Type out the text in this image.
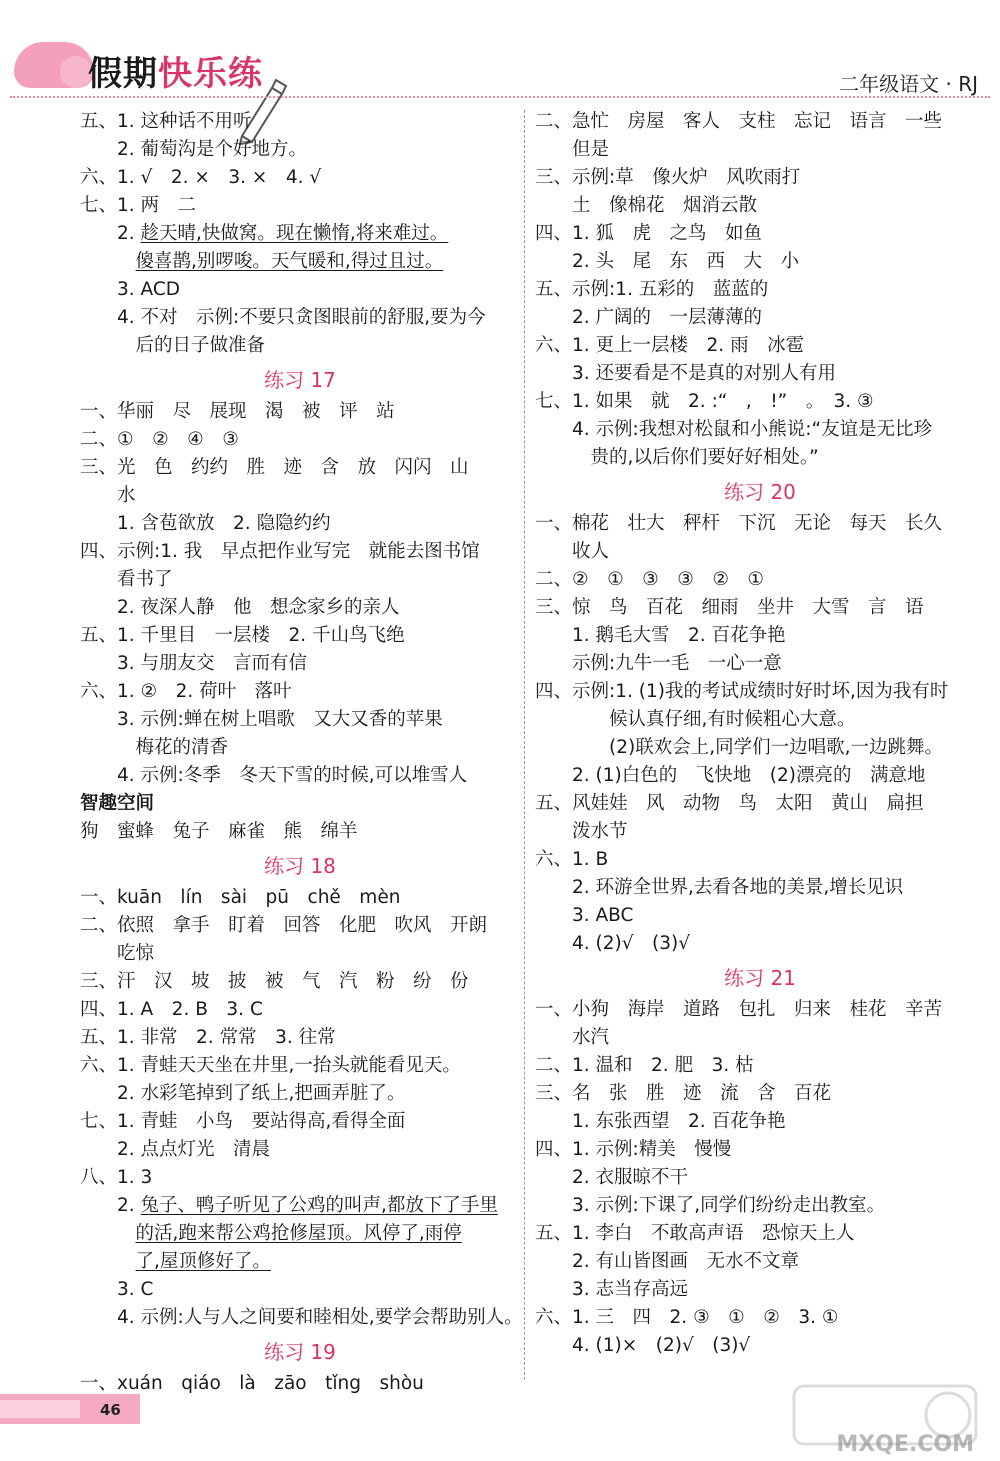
假期快乐练	二年级语文 · RJ
五、1. 这种话不用听
　　2. 葡萄沟是个好地方。
六、1. √　2. ×　3. ×　4. √
七、1. 两　二
　　2. 趁天晴,快做窝。现在懒惰,将来难过。
　　　傻喜鹊,别啰唆。天气暖和,得过且过。
　　3. ACD
　　4. 不对　示例:不要只贪图眼前的舒服,要为今
　　　后的日子做准备
练习 17
一、华丽　尽　展现　渴　被　评　站
二、①　②　④　③
三、光　色　约约　胜　迹　含　放　闪闪　山
　　水
　　1. 含苞欲放　2. 隐隐约约
四、示例:1. 我　早点把作业写完　就能去图书馆
　　看书了
　　2. 夜深人静　他　想念家乡的亲人
五、1. 千里目　一层楼　2. 千山鸟飞绝
　　3. 与朋友交　言而有信
六、1. ②　2. 荷叶　落叶
　　3. 示例:蝉在树上唱歌　又大又香的苹果
　　　梅花的清香
　　4. 示例:冬季　冬天下雪的时候,可以堆雪人
智趣空间
狗　蜜蜂　兔子　麻雀　熊　绵羊
练习 18
一、kuān　lín　sài　pū　chě　mèn
二、依照　拿手　盯着　回答　化肥　吹风　开朗
　　吃惊
三、汗　汉　坡　披　被　气　汽　粉　纷　份
四、1. A　2. B　3. C
五、1. 非常　2. 常常　3. 往常
六、1. 青蛙天天坐在井里,一抬头就能看见天。
　　2. 水彩笔掉到了纸上,把画弄脏了。
七、1. 青蛙　小鸟　要站得高,看得全面
　　2. 点点灯光　清晨
八、1. 3
　　2. 兔子、鸭子听见了公鸡的叫声,都放下了手里
　　　的活,跑来帮公鸡抢修屋顶。风停了,雨停
　　　了,屋顶修好了。
　　3. C
　　4. 示例:人与人之间要和睦相处,要学会帮助别人。
练习 19
一、xuán　qiáo　là　zāo　tǐng　shòu
二、急忙　房屋　客人　支柱　忘记　语言　一些
　　但是
三、示例:草　像火炉　风吹雨打
　　土　像棉花　烟消云散
四、1. 狐　虎　之鸟　如鱼
　　2. 头　尾　东　西　大　小
五、示例:1. 五彩的　蓝蓝的
　　2. 广阔的　一层薄薄的
六、1. 更上一层楼　2. 雨　冰雹
　　3. 还要看是不是真的对别人有用
七、1. 如果　就　2. :“　,　!”　。　3. ③
　　4. 示例:我想对松鼠和小熊说:“友谊是无比珍
　　　贵的,以后你们要好好相处。”
练习 20
一、棉花　壮大　秤杆　下沉　无论　每天　长久
　　收人
二、②　①　③　③　②　①
三、惊　鸟　百花　细雨　坐井　大雪　言　语
　　1. 鹅毛大雪　2. 百花争艳
　　示例:九牛一毛　一心一意
四、示例:1. (1)我的考试成绩时好时坏,因为我有时
　　　　候认真仔细,有时候粗心大意。
　　　　(2)联欢会上,同学们一边唱歌,一边跳舞。
　　2. (1)白色的　飞快地　(2)漂亮的　满意地
五、风娃娃　风　动物　鸟　太阳　黄山　扁担
　　泼水节
六、1. B
　　2. 环游全世界,去看各地的美景,增长见识
　　3. ABC
　　4. (2)√　(3)√
练习 21
一、小狗　海岸　道路　包扎　归来　桂花　辛苦
　　水汽
二、1. 温和　2. 肥　3. 枯
三、名　张　胜　迹　流　含　百花
　　1. 东张西望　2. 百花争艳
四、1. 示例:精美　慢慢
　　2. 衣服晾不干
　　3. 示例:下课了,同学们纷纷走出教室。
五、1. 李白　不敢高声语　恐惊天上人
　　2. 有山皆图画　无水不文章
　　3. 志当存高远
六、1. 三　四　2. ③　①　②　3. ①
　　4. (1)×　(2)√　(3)√
46
MXQE.COM
